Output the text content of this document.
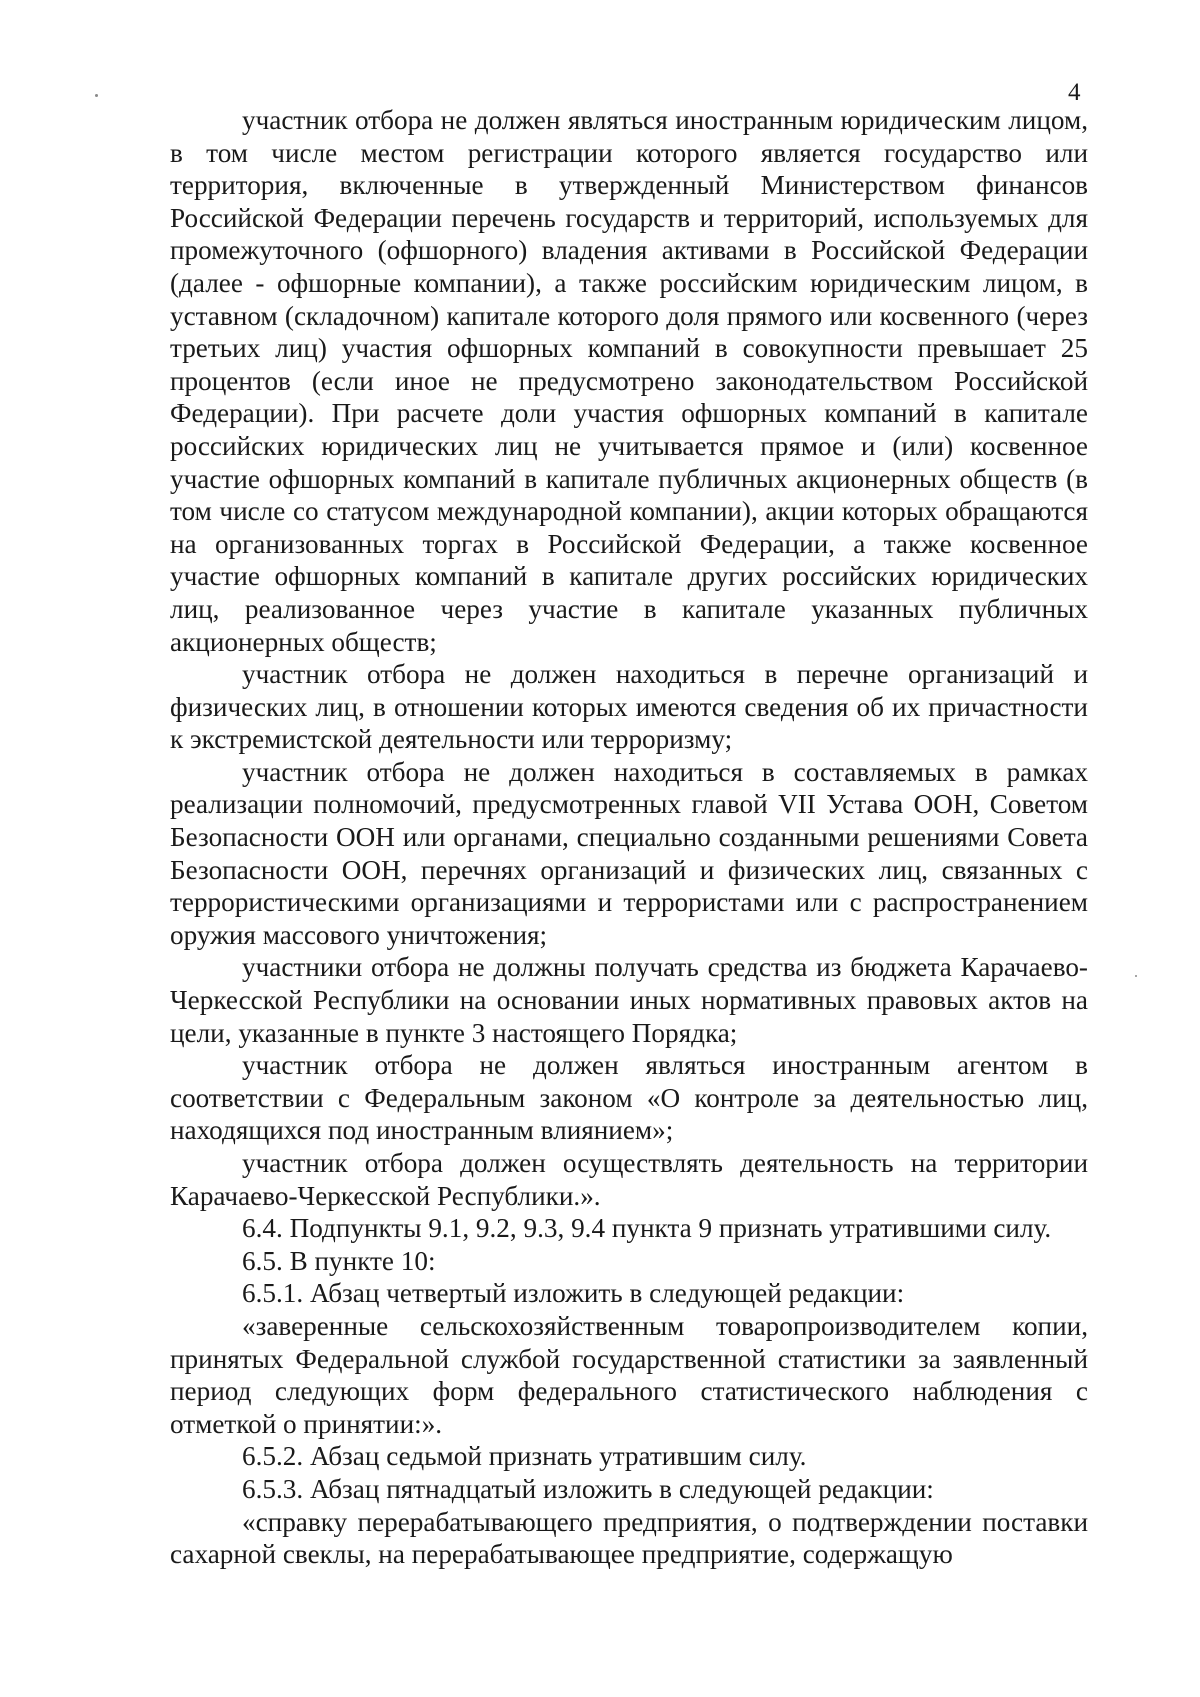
4

участник отбора не должен являться иностранным юридическим лицом, в том числе местом регистрации которого является государство или территория, включенные в утвержденный Министерством финансов Российской Федерации перечень государств и территорий, используемых для промежуточного (офшорного) владения активами в Российской Федерации (далее - офшорные компании), а также российским юридическим лицом, в уставном (складочном) капитале которого доля прямого или косвенного (через третьих лиц) участия офшорных компаний в совокупности превышает 25 процентов (если иное не предусмотрено законодательством Российской Федерации). При расчете доли участия офшорных компаний в капитале российских юридических лиц не учитывается прямое и (или) косвенное участие офшорных компаний в капитале публичных акционерных обществ (в том числе со статусом международной компании), акции которых обращаются на организованных торгах в Российской Федерации, а также косвенное участие офшорных компаний в капитале других российских юридических лиц, реализованное через участие в капитале указанных публичных акционерных обществ;

участник отбора не должен находиться в перечне организаций и физических лиц, в отношении которых имеются сведения об их причастности к экстремистской деятельности или терроризму;

участник отбора не должен находиться в составляемых в рамках реализации полномочий, предусмотренных главой VII Устава ООН, Советом Безопасности ООН или органами, специально созданными решениями Совета Безопасности ООН, перечнях организаций и физических лиц, связанных с террористическими организациями и террористами или с распространением оружия массового уничтожения;

участники отбора не должны получать средства из бюджета Карачаево-Черкесской Республики на основании иных нормативных правовых актов на цели, указанные в пункте 3 настоящего Порядка;

участник отбора не должен являться иностранным агентом в соответствии с Федеральным законом «О контроле за деятельностью лиц, находящихся под иностранным влиянием»;

участник отбора должен осуществлять деятельность на территории Карачаево-Черкесской Республики.».

6.4. Подпункты 9.1, 9.2, 9.3, 9.4 пункта 9 признать утратившими силу.

6.5. В пункте 10:

6.5.1. Абзац четвертый изложить в следующей редакции:

«заверенные сельскохозяйственным товаропроизводителем копии, принятых Федеральной службой государственной статистики за заявленный период следующих форм федерального статистического наблюдения с отметкой о принятии:».

6.5.2. Абзац седьмой признать утратившим силу.

6.5.3. Абзац пятнадцатый изложить в следующей редакции:

«справку перерабатывающего предприятия, о подтверждении поставки сахарной свеклы, на перерабатывающее предприятие, содержащую
